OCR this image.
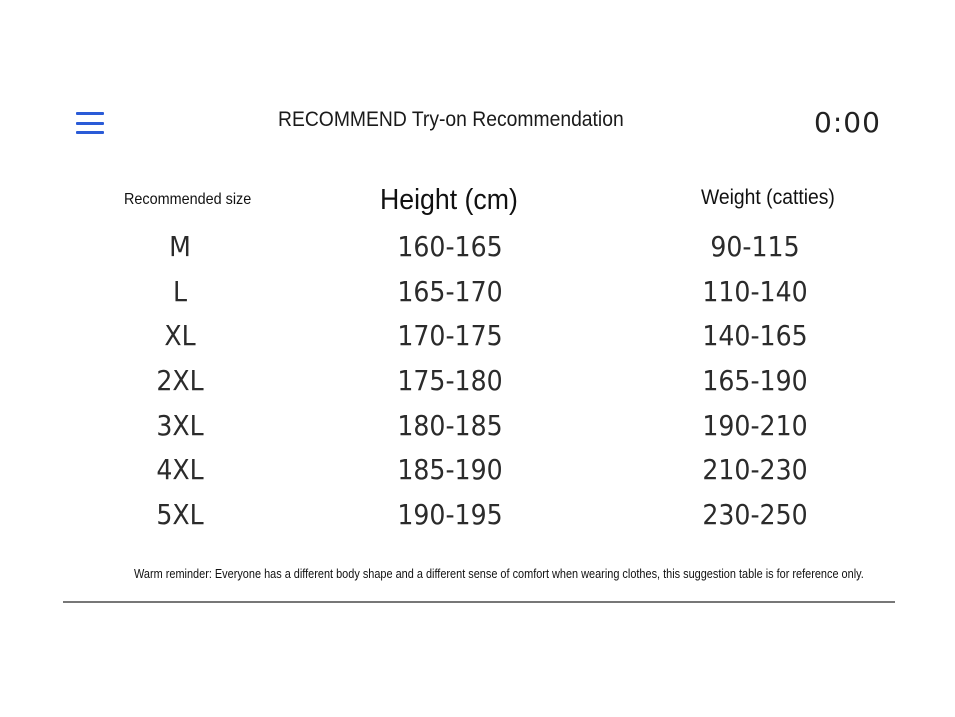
RECOMMEND Try-on Recommendation	0:00
Recommended size	Height (cm)	Weight (catties)
M	160-165	90-115
L	165-170	110-140
XL	170-175	140-165
2XL	175-180	165-190
3XL	180-185	190-210
4XL	185-190	210-230
5XL	190-195	230-250
Warm reminder: Everyone has a different body shape and a different sense of comfort when wearing clothes, this suggestion table is for reference only.
